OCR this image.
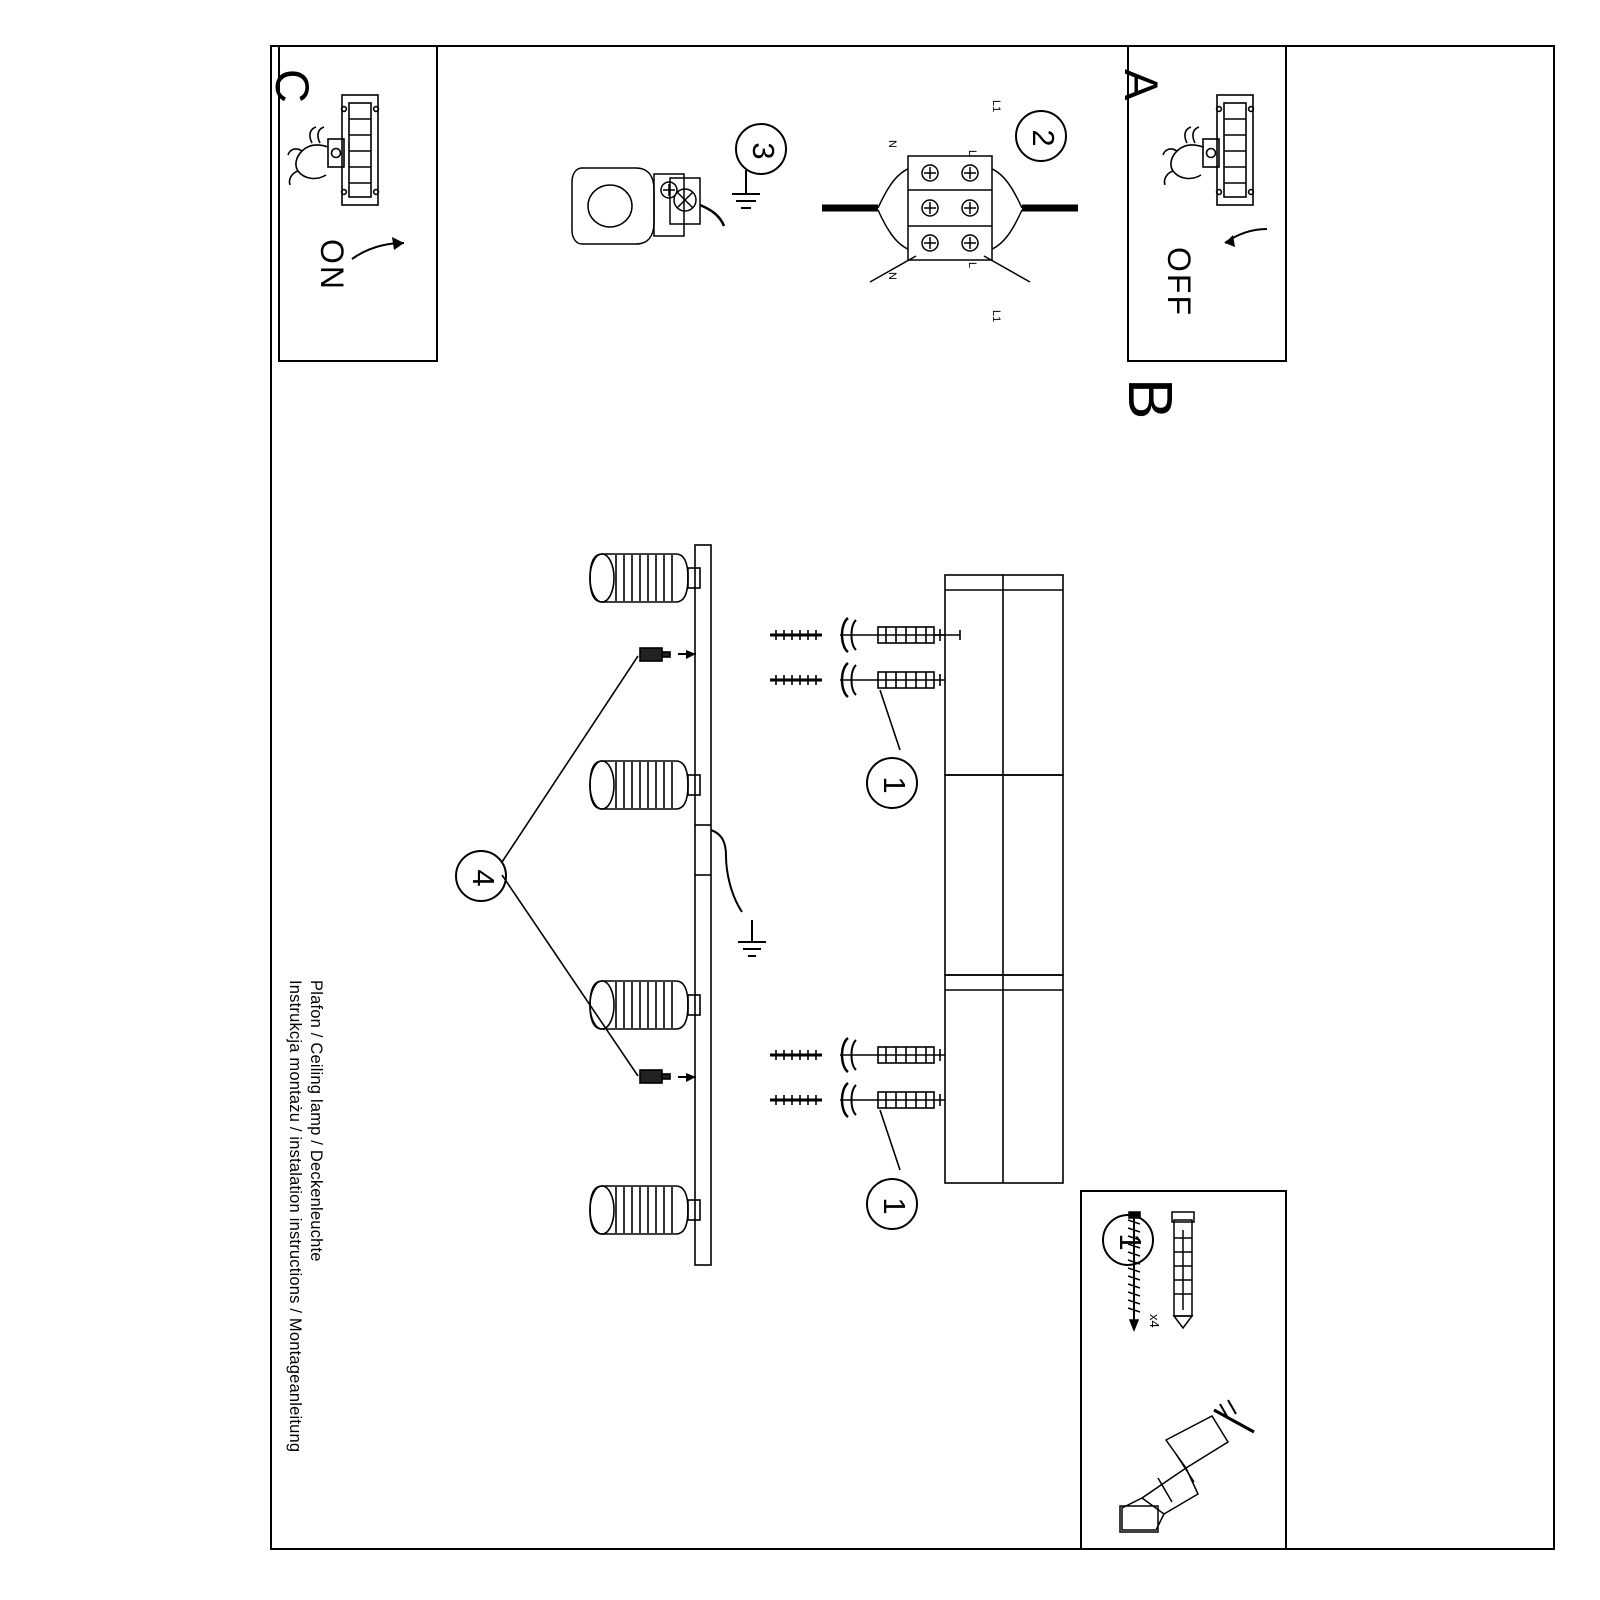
A
OFF
C
ON
B
2
N
N
L
L
L1
L1
3
Instrukcja montażu / instalation instructions / Montageanleitung Plafon / Ceiling lamp / Deckenleuchte
1
1
4
1
x4
